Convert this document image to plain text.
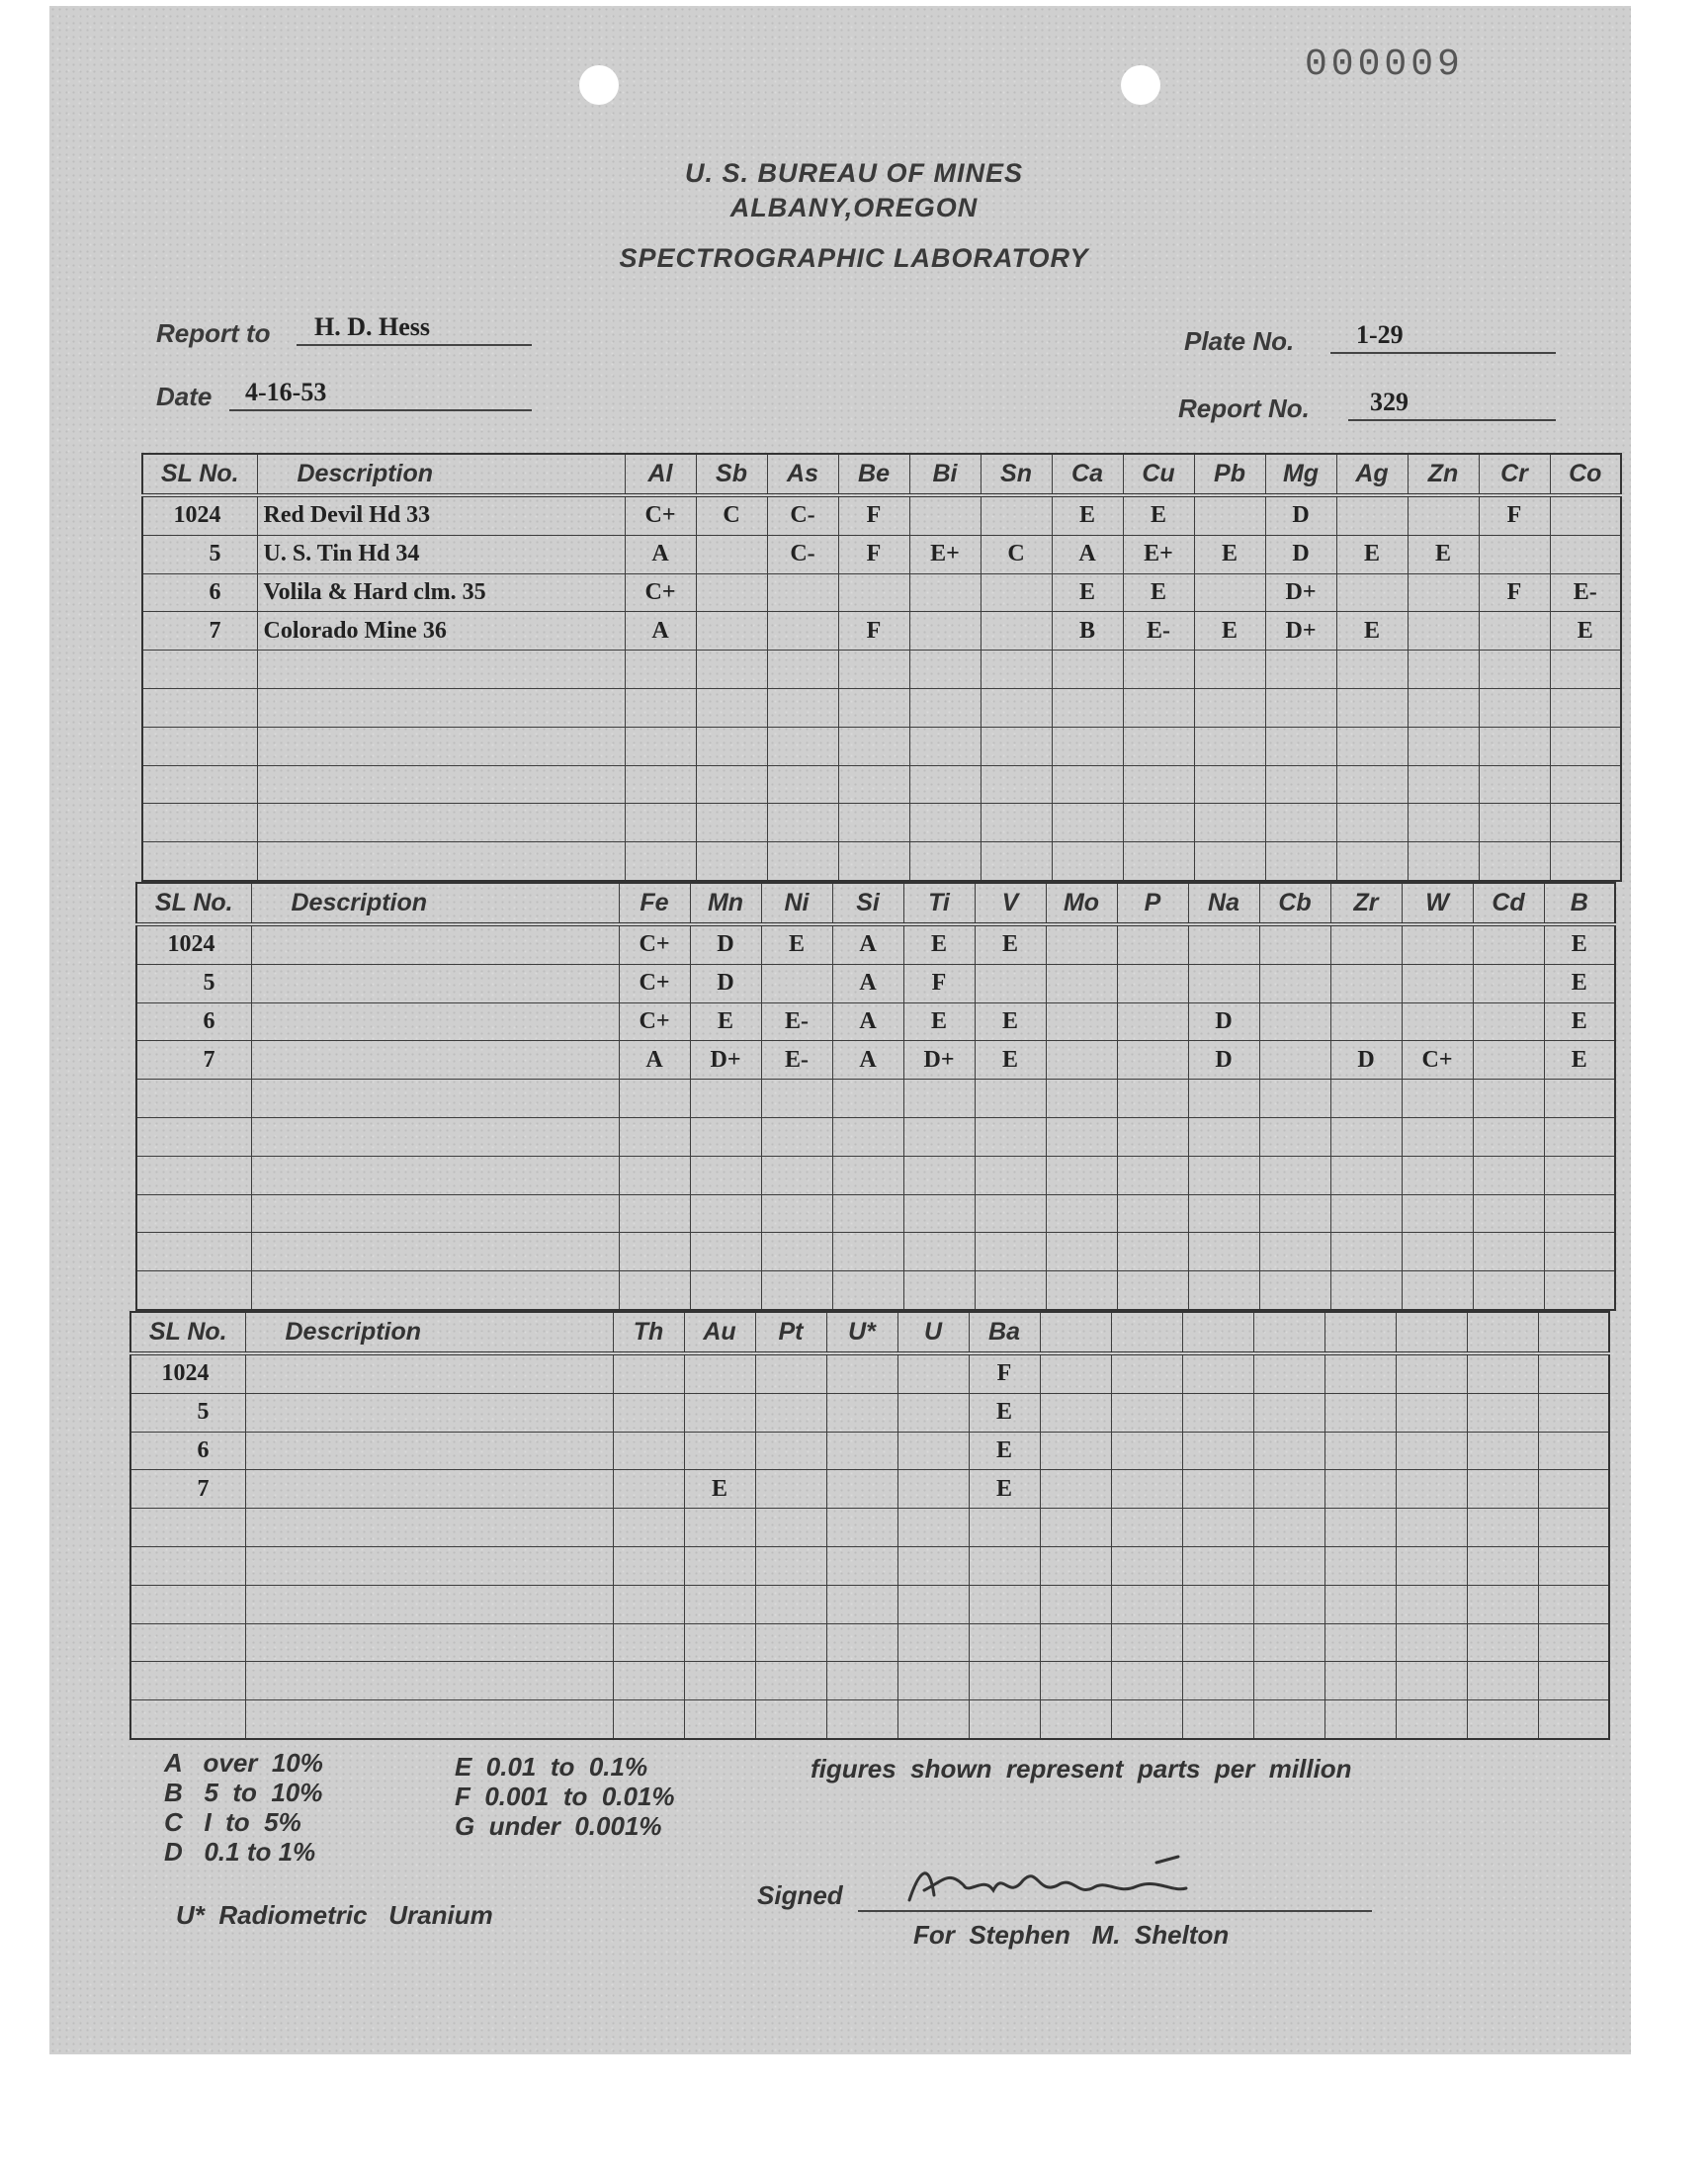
000009
U. S. BUREAU OF MINES
ALBANY,OREGON
SPECTROGRAPHIC LABORATORY
Report to H. D. Hess
Date 4-16-53
Plate No. 1-29
Report No. 329
SL No.	Description	Al	Sb	As	Be	Bi	Sn	Ca	Cu	Pb	Mg	Ag	Zn	Cr	Co
1024	Red Devil Hd 33	C+	C	C-	F			E	E		D			F	
5	U. S. Tin Hd 34	A		C-	F	E+	C	A	E+	E	D	E	E		
6	Volila & Hard clm. 35	C+						E	E		D+			F	E-
7	Colorado Mine 36	A			F			B	E-	E	D+	E			E

SL No.	Description	Fe	Mn	Ni	Si	Ti	V	Mo	P	Na	Cb	Zr	W	Cd	B
1024		C+	D	E	A	E	E								E
5		C+	D		A	F									E
6		C+	E	E-	A	E	E			D					E
7		A	D+	E-	A	D+	E			D		D	C+		E

SL No.	Description	Th	Au	Pt	U*	U	Ba								
1024							F								
5							E								
6							E								
7			E				E								

A   over  10%
B   5  to  10%
C   I  to  5%
D   0.1 to 1%
E  0.01  to  0.1%
F  0.001  to  0.01%
G  under  0.001%
figures  shown  represent  parts  per  million
U*  Radiometric   Uranium
Signed
For  Stephen   M.  Shelton
